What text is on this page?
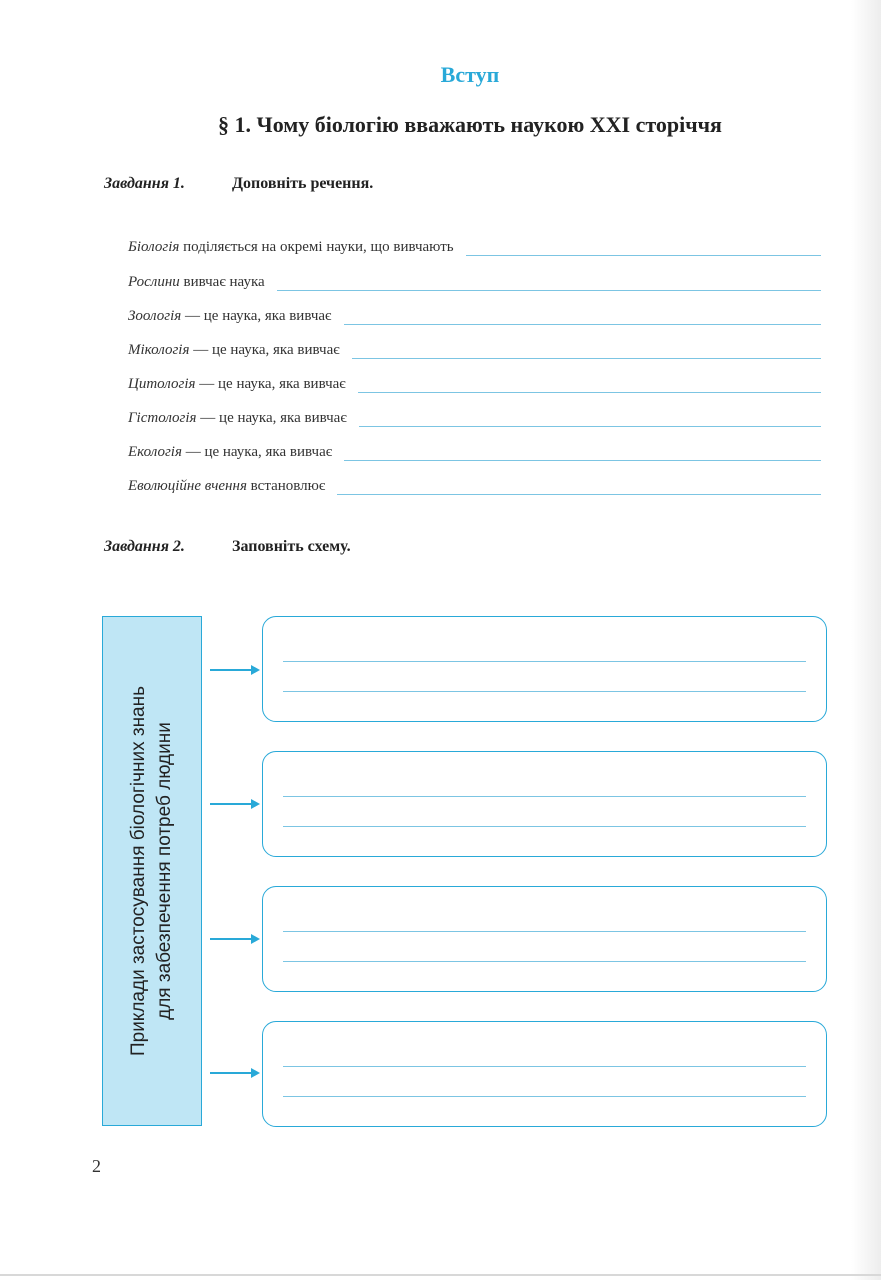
Вступ
§ 1. Чому біологію вважають наукою XXI сторіччя
Завдання 1.	Доповніть речення.
Біологія поділяється на окремі науки, що вивчають
Рослини вивчає наука
Зоологія — це наука, яка вивчає
Мікологія — це наука, яка вивчає
Цитологія — це наука, яка вивчає
Гістологія — це наука, яка вивчає
Екологія — це наука, яка вивчає
Еволюційне вчення встановлює
Завдання 2.	Заповніть схему.
Приклади застосування біологічних знань для забезпечення потреб людини
2
